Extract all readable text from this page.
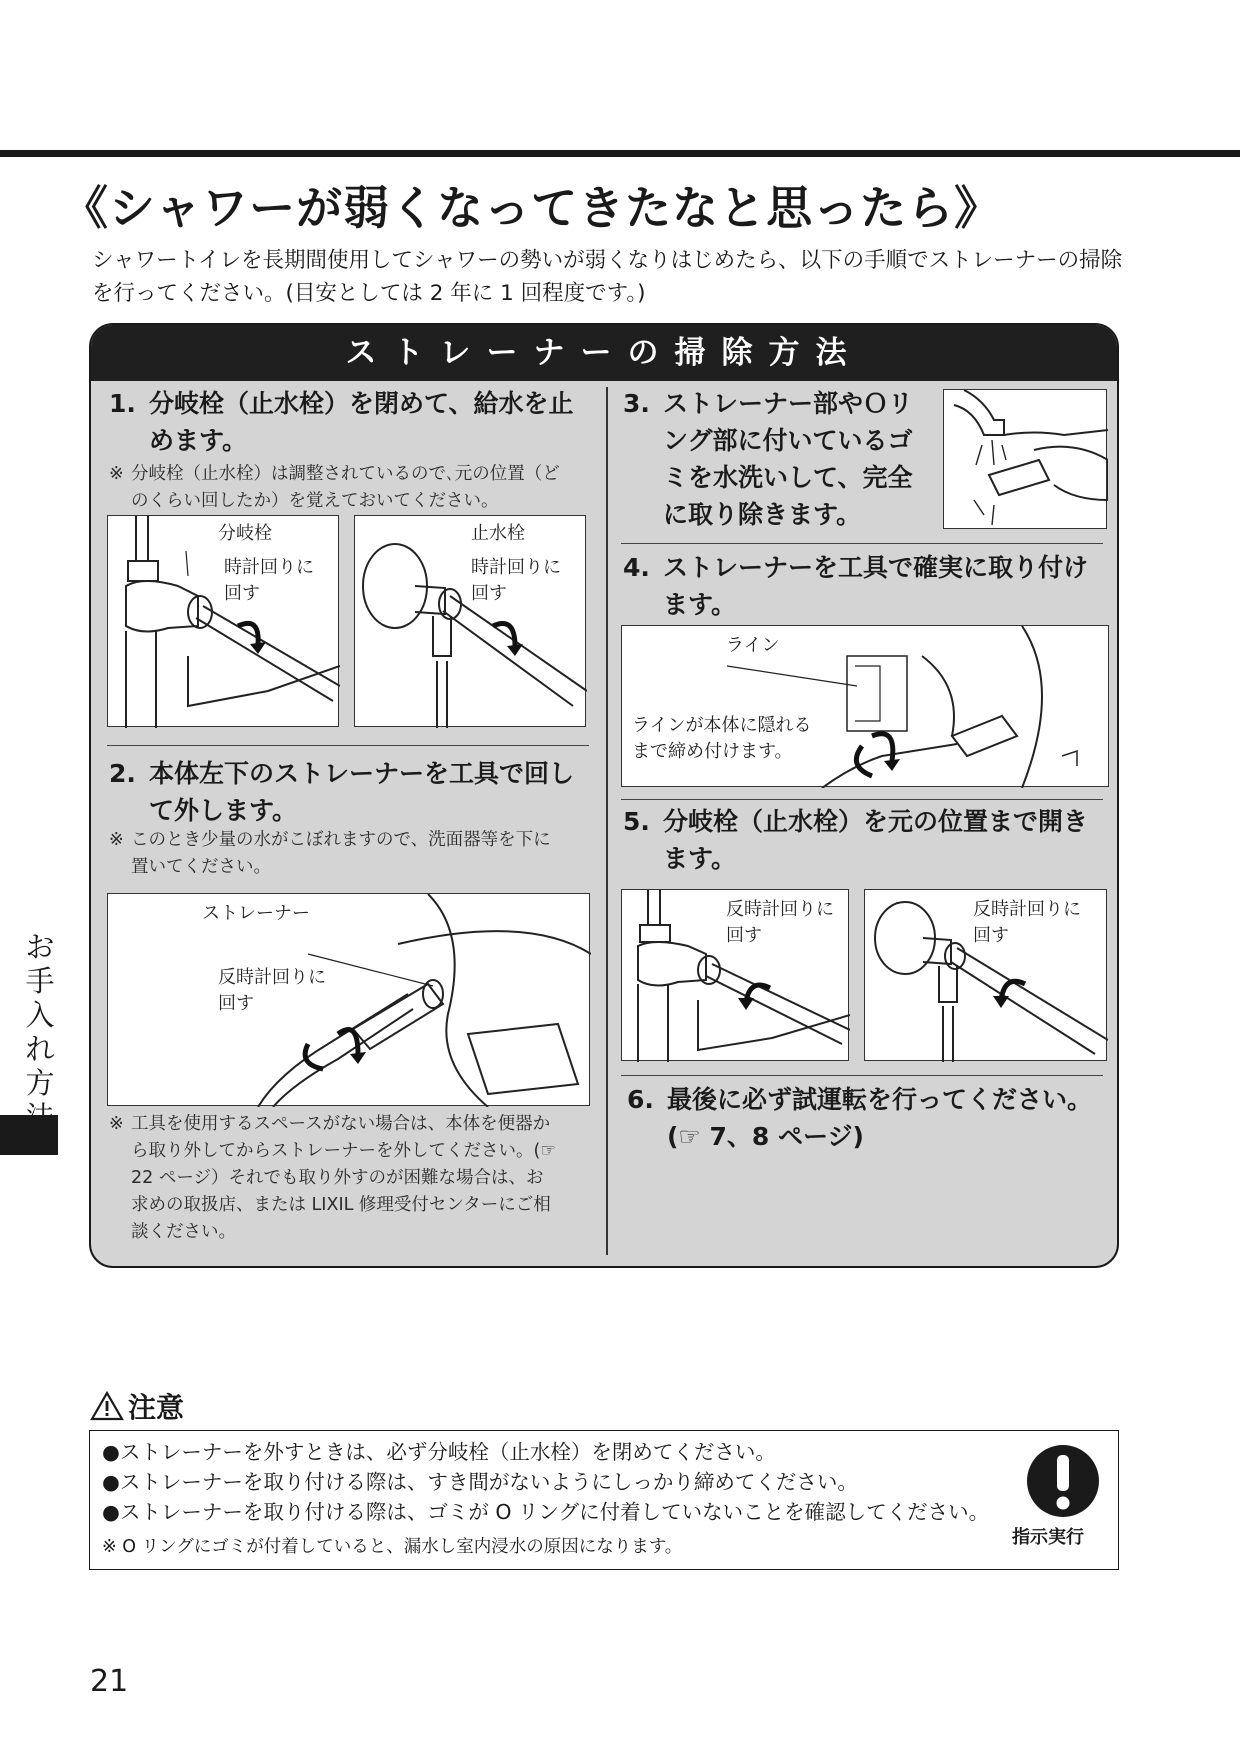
《シャワーが弱くなってきたなと思ったら》
シャワートイレを長期間使用してシャワーの勢いが弱くなりはじめたら、以下の手順でストレーナーの掃除を行ってください。(目安としては 2 年に 1 回程度です。)
ストレーナーの掃除方法
1. 分岐栓（止水栓）を閉めて、給水を止
めます。
※ 分岐栓（止水栓）は調整されているので､元の位置（ど
のくらい回したか）を覚えておいてください。
分岐栓
時計回りに
回す
止水栓
時計回りに
回す
2. 本体左下のストレーナーを工具で回し
て外します。
※ このとき少量の水がこぼれますので、洗面器等を下に
置いてください。
ストレーナー
反時計回りに
回す
※ 工具を使用するスペースがない場合は、本体を便器か
ら取り外してからストレーナーを外してください。(☞
22 ページ）それでも取り外すのが困難な場合は、お
求めの取扱店、または LIXIL 修理受付センターにご相
談ください。
3. ストレーナー部やＯリ
ング部に付いているゴ
ミを水洗いして、完全
に取り除きます。
4. ストレーナーを工具で確実に取り付け
ます。
ライン
ラインが本体に隠れる
まで締め付けます。
5. 分岐栓（止水栓）を元の位置まで開き
ます。
反時計回りに
回す
反時計回りに
回す
6. 最後に必ず試運転を行ってください。
(☞ 7、8 ページ)
注意
●ストレーナーを外すときは、必ず分岐栓（止水栓）を閉めてください。
●ストレーナーを取り付ける際は、すき間がないようにしっかり締めてください。
●ストレーナーを取り付ける際は、ゴミが O リングに付着していないことを確認してください。
※ O リングにゴミが付着していると、漏水し室内浸水の原因になります。	指示実行
お手入れ方
21
